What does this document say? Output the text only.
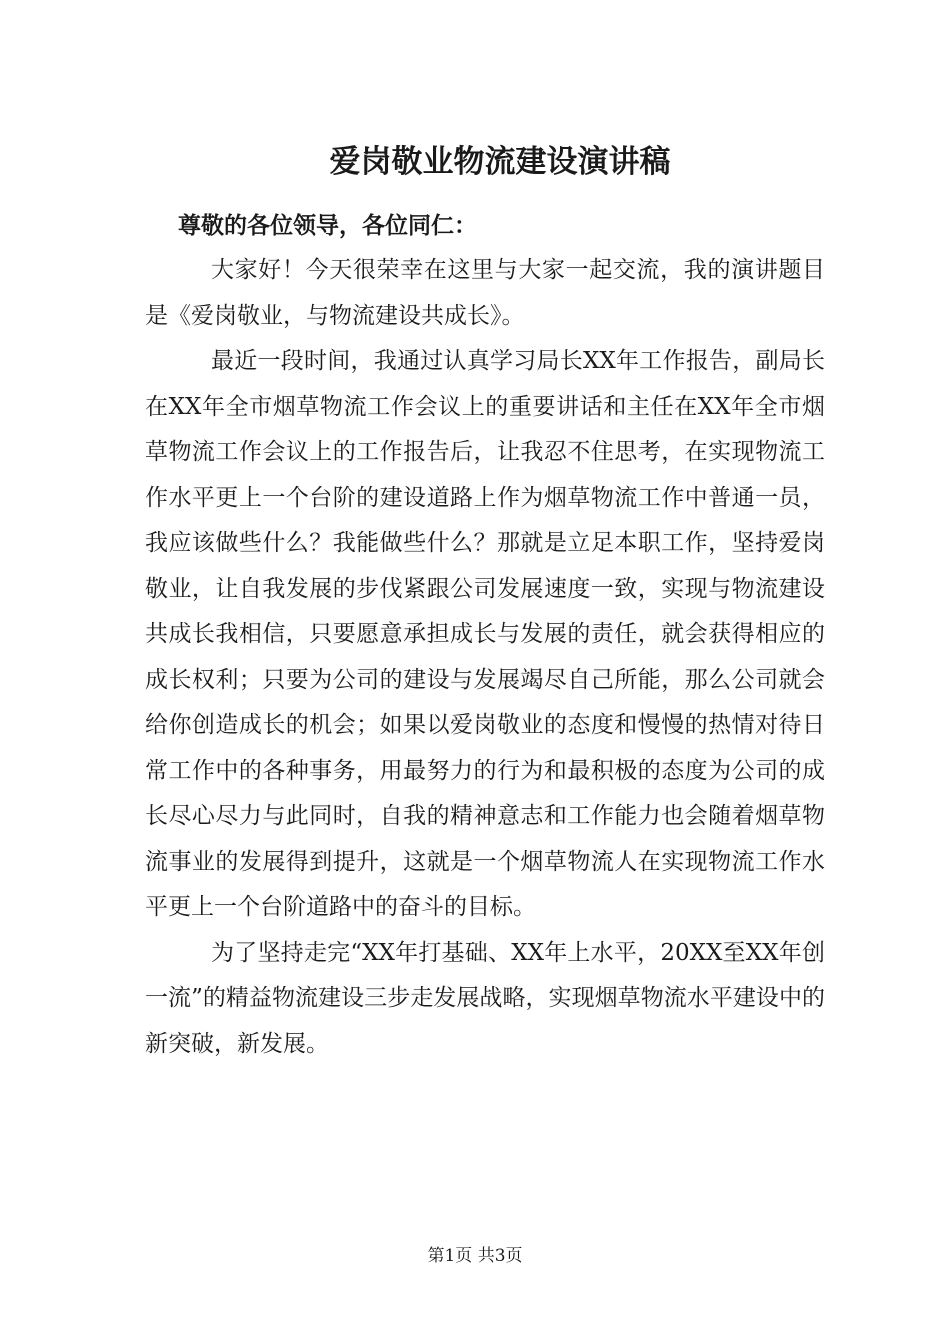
爱岗敬业物流建设演讲稿
尊敬的各位领导，各位同仁：

大家好！今天很荣幸在这里与大家一起交流，我的演讲题目是《爱岗敬业，与物流建设共成长》。

最近一段时间，我通过认真学习局长XX年工作报告，副局长在XX年全市烟草物流工作会议上的重要讲话和主任在XX年全市烟草物流工作会议上的工作报告后，让我忍不住思考，在实现物流工作水平更上一个台阶的建设道路上作为烟草物流工作中普通一员，我应该做些什么？我能做些什么？那就是立足本职工作，坚持爱岗敬业，让自我发展的步伐紧跟公司发展速度一致，实现与物流建设共成长我相信，只要愿意承担成长与发展的责任，就会获得相应的成长权利；只要为公司的建设与发展竭尽自己所能，那么公司就会给你创造成长的机会；如果以爱岗敬业的态度和慢慢的热情对待日常工作中的各种事务，用最努力的行为和最积极的态度为公司的成长尽心尽力与此同时，自我的精神意志和工作能力也会随着烟草物流事业的发展得到提升，这就是一个烟草物流人在实现物流工作水平更上一个台阶道路中的奋斗的目标。

为了坚持走完“XX年打基础、XX年上水平，20XX至XX年创一流”的精益物流建设三步走发展战略，实现烟草物流水平建设中的新突破，新发展。

第1页 共3页
